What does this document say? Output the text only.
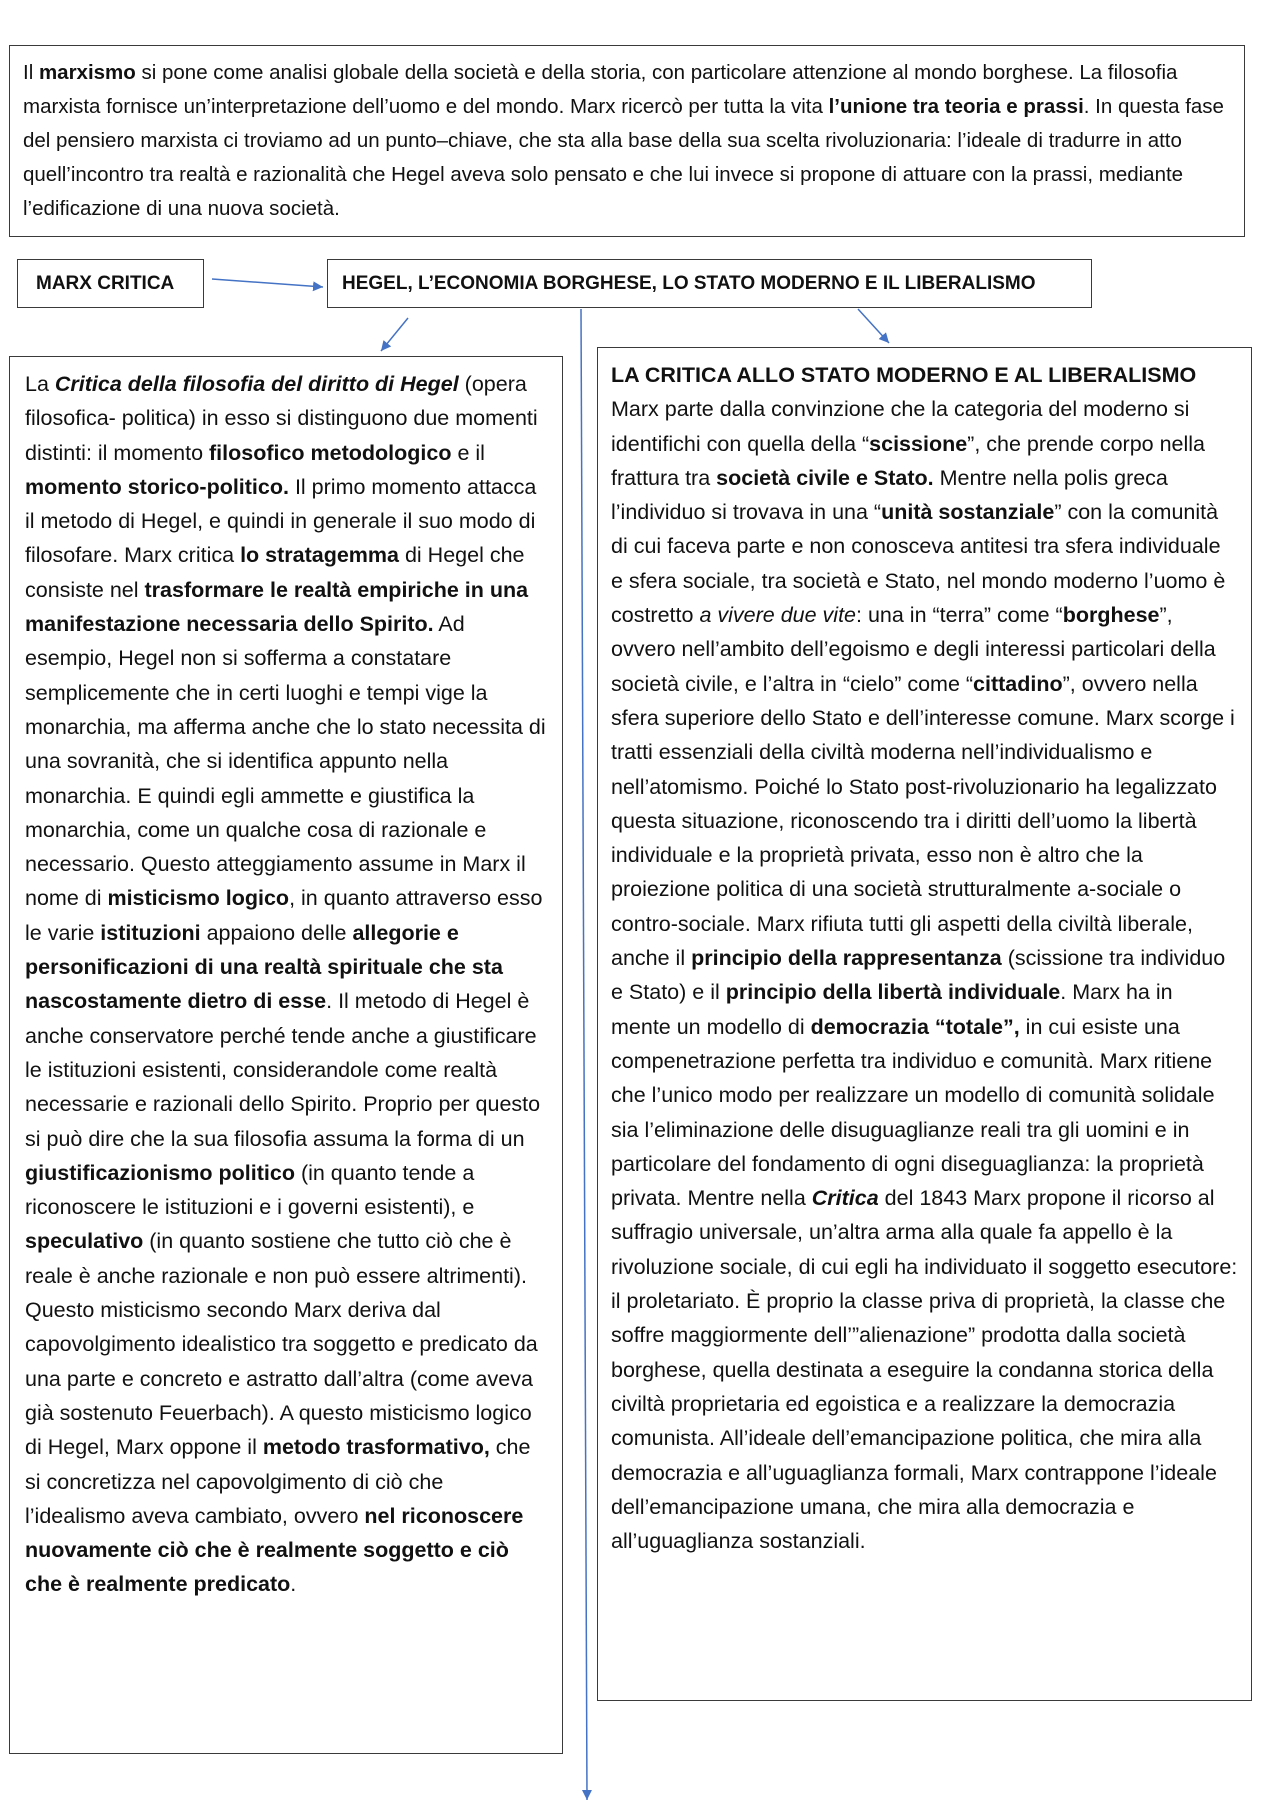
Il marxismo si pone come analisi globale della società e della storia, con particolare attenzione al mondo borghese. La filosofia marxista fornisce un’interpretazione dell’uomo e del mondo. Marx ricercò per tutta la vita l’unione tra teoria e prassi. In questa fase del pensiero marxista ci troviamo ad un punto–chiave, che sta alla base della sua scelta rivoluzionaria: l’ideale di tradurre in atto quell’incontro tra realtà e razionalità che Hegel aveva solo pensato e che lui invece si propone di attuare con la prassi, mediante l’edificazione di una nuova società.

MARX CRITICA	HEGEL, L’ECONOMIA BORGHESE, LO STATO MODERNO E IL LIBERALISMO

La Critica della filosofia del diritto di Hegel (opera filosofica- politica) in esso si distinguono due momenti distinti: il momento filosofico metodologico e il momento storico-politico. Il primo momento attacca il metodo di Hegel, e quindi in generale il suo modo di filosofare. Marx critica lo stratagemma di Hegel che consiste nel trasformare le realtà empiriche in una manifestazione necessaria dello Spirito. Ad esempio, Hegel non si sofferma a constatare semplicemente che in certi luoghi e tempi vige la monarchia, ma afferma anche che lo stato necessita di una sovranità, che si identifica appunto nella monarchia. E quindi egli ammette e giustifica la monarchia, come un qualche cosa di razionale e necessario. Questo atteggiamento assume in Marx il nome di misticismo logico, in quanto attraverso esso le varie istituzioni appaiono delle allegorie e personificazioni di una realtà spirituale che sta nascostamente dietro di esse. Il metodo di Hegel è anche conservatore perché tende anche a giustificare le istituzioni esistenti, considerandole come realtà necessarie e razionali dello Spirito. Proprio per questo si può dire che la sua filosofia assuma la forma di un giustificazionismo politico (in quanto tende a riconoscere le istituzioni e i governi esistenti), e speculativo (in quanto sostiene che tutto ciò che è reale è anche razionale e non può essere altrimenti). Questo misticismo secondo Marx deriva dal capovolgimento idealistico tra soggetto e predicato da una parte e concreto e astratto dall’altra (come aveva già sostenuto Feuerbach). A questo misticismo logico di Hegel, Marx oppone il metodo trasformativo, che si concretizza nel capovolgimento di ciò che l’idealismo aveva cambiato, ovvero nel riconoscere nuovamente ciò che è realmente soggetto e ciò che è realmente predicato.

LA CRITICA ALLO STATO MODERNO E AL LIBERALISMO

Marx parte dalla convinzione che la categoria del moderno si identifichi con quella della “scissione”, che prende corpo nella frattura tra società civile e Stato. Mentre nella polis greca l’individuo si trovava in una “unità sostanziale” con la comunità di cui faceva parte e non conosceva antitesi tra sfera individuale e sfera sociale, tra società e Stato, nel mondo moderno l’uomo è costretto a vivere due vite: una in “terra” come “borghese”, ovvero nell’ambito dell’egoismo e degli interessi particolari della società civile, e l’altra in “cielo” come “cittadino”, ovvero nella sfera superiore dello Stato e dell’interesse comune. Marx scorge i tratti essenziali della civiltà moderna nell’individualismo e nell’atomismo. Poiché lo Stato post-rivoluzionario ha legalizzato questa situazione, riconoscendo tra i diritti dell’uomo la libertà individuale e la proprietà privata, esso non è altro che la proiezione politica di una società strutturalmente a-sociale o contro-sociale. Marx rifiuta tutti gli aspetti della civiltà liberale, anche il principio della rappresentanza (scissione tra individuo e Stato) e il principio della libertà individuale. Marx ha in mente un modello di democrazia “totale”, in cui esiste una compenetrazione perfetta tra individuo e comunità. Marx ritiene che l’unico modo per realizzare un modello di comunità solidale sia l’eliminazione delle disuguaglianze reali tra gli uomini e in particolare del fondamento di ogni diseguaglianza: la proprietà privata. Mentre nella Critica del 1843 Marx propone il ricorso al suffragio universale, un’altra arma alla quale fa appello è la rivoluzione sociale, di cui egli ha individuato il soggetto esecutore: il proletariato. È proprio la classe priva di proprietà, la classe che soffre maggiormente dell’”alienazione” prodotta dalla società borghese, quella destinata a eseguire la condanna storica della civiltà proprietaria ed egoistica e a realizzare la democrazia comunista. All’ideale dell’emancipazione politica, che mira alla democrazia e all’uguaglianza formali, Marx contrappone l’ideale dell’emancipazione umana, che mira alla democrazia e all’uguaglianza sostanziali.
